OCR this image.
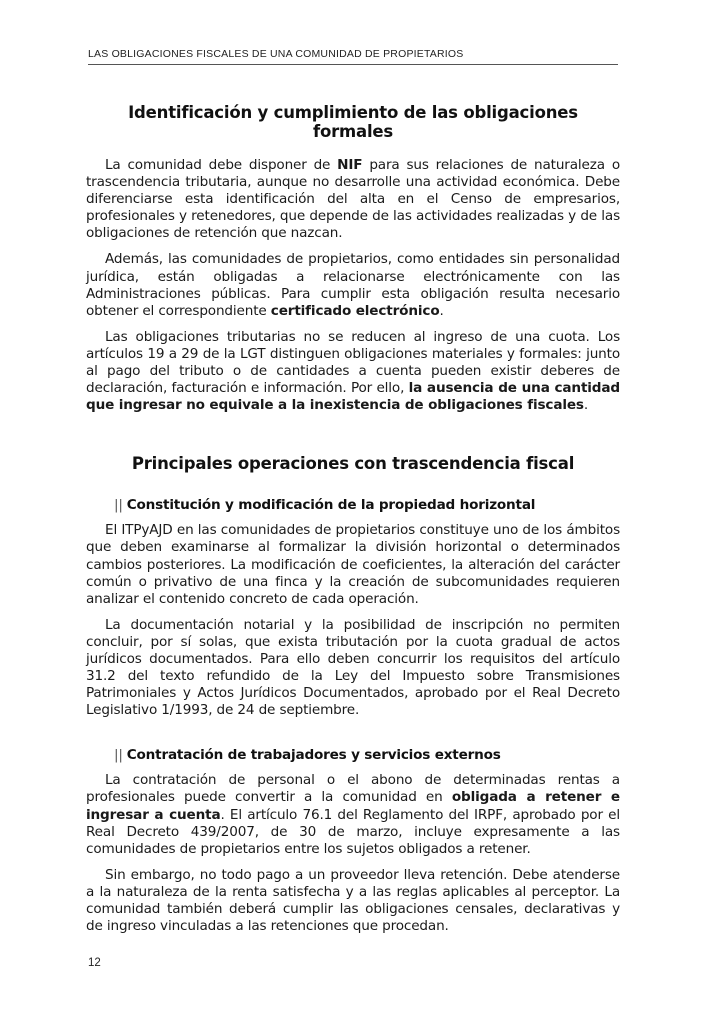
LAS OBLIGACIONES FISCALES DE UNA COMUNIDAD DE PROPIETARIOS
Identificación y cumplimiento de las obligaciones formales

La comunidad debe disponer de NIF para sus relaciones de naturaleza o trascendencia tributaria, aunque no desarrolle una actividad económica. Debe diferenciarse esta identificación del alta en el Censo de empresarios, profesionales y retenedores, que depende de las actividades realizadas y de las obligaciones de retención que nazcan.

Además, las comunidades de propietarios, como entidades sin personalidad jurídica, están obligadas a relacionarse electrónicamente con las Administraciones públicas. Para cumplir esta obligación resulta necesario obtener el correspondiente certificado electrónico.

Las obligaciones tributarias no se reducen al ingreso de una cuota. Los artículos 19 a 29 de la LGT distinguen obligaciones materiales y formales: junto al pago del tributo o de cantidades a cuenta pueden existir deberes de declaración, facturación e información. Por ello, la ausencia de una cantidad que ingresar no equivale a la inexistencia de obligaciones fiscales.

Principales operaciones con trascendencia fiscal
|| Constitución y modificación de la propiedad horizontal

El ITPyAJD en las comunidades de propietarios constituye uno de los ámbitos que deben examinarse al formalizar la división horizontal o determinados cambios posteriores. La modificación de coeficientes, la alteración del carácter común o privativo de una finca y la creación de subcomunidades requieren analizar el contenido concreto de cada operación.

La documentación notarial y la posibilidad de inscripción no permiten concluir, por sí solas, que exista tributación por la cuota gradual de actos jurídicos documentados. Para ello deben concurrir los requisitos del artículo 31.2 del texto refundido de la Ley del Impuesto sobre Transmisiones Patrimoniales y Actos Jurídicos Documentados, aprobado por el Real Decreto Legislativo 1/1993, de 24 de septiembre.

|| Contratación de trabajadores y servicios externos

La contratación de personal o el abono de determinadas rentas a profesionales puede convertir a la comunidad en obligada a retener e ingresar a cuenta. El artículo 76.1 del Reglamento del IRPF, aprobado por el Real Decreto 439/2007, de 30 de marzo, incluye expresamente a las comunidades de propietarios entre los sujetos obligados a retener.

Sin embargo, no todo pago a un proveedor lleva retención. Debe atenderse a la naturaleza de la renta satisfecha y a las reglas aplicables al perceptor. La comunidad también deberá cumplir las obligaciones censales, declarativas y de ingreso vinculadas a las retenciones que procedan.

12
